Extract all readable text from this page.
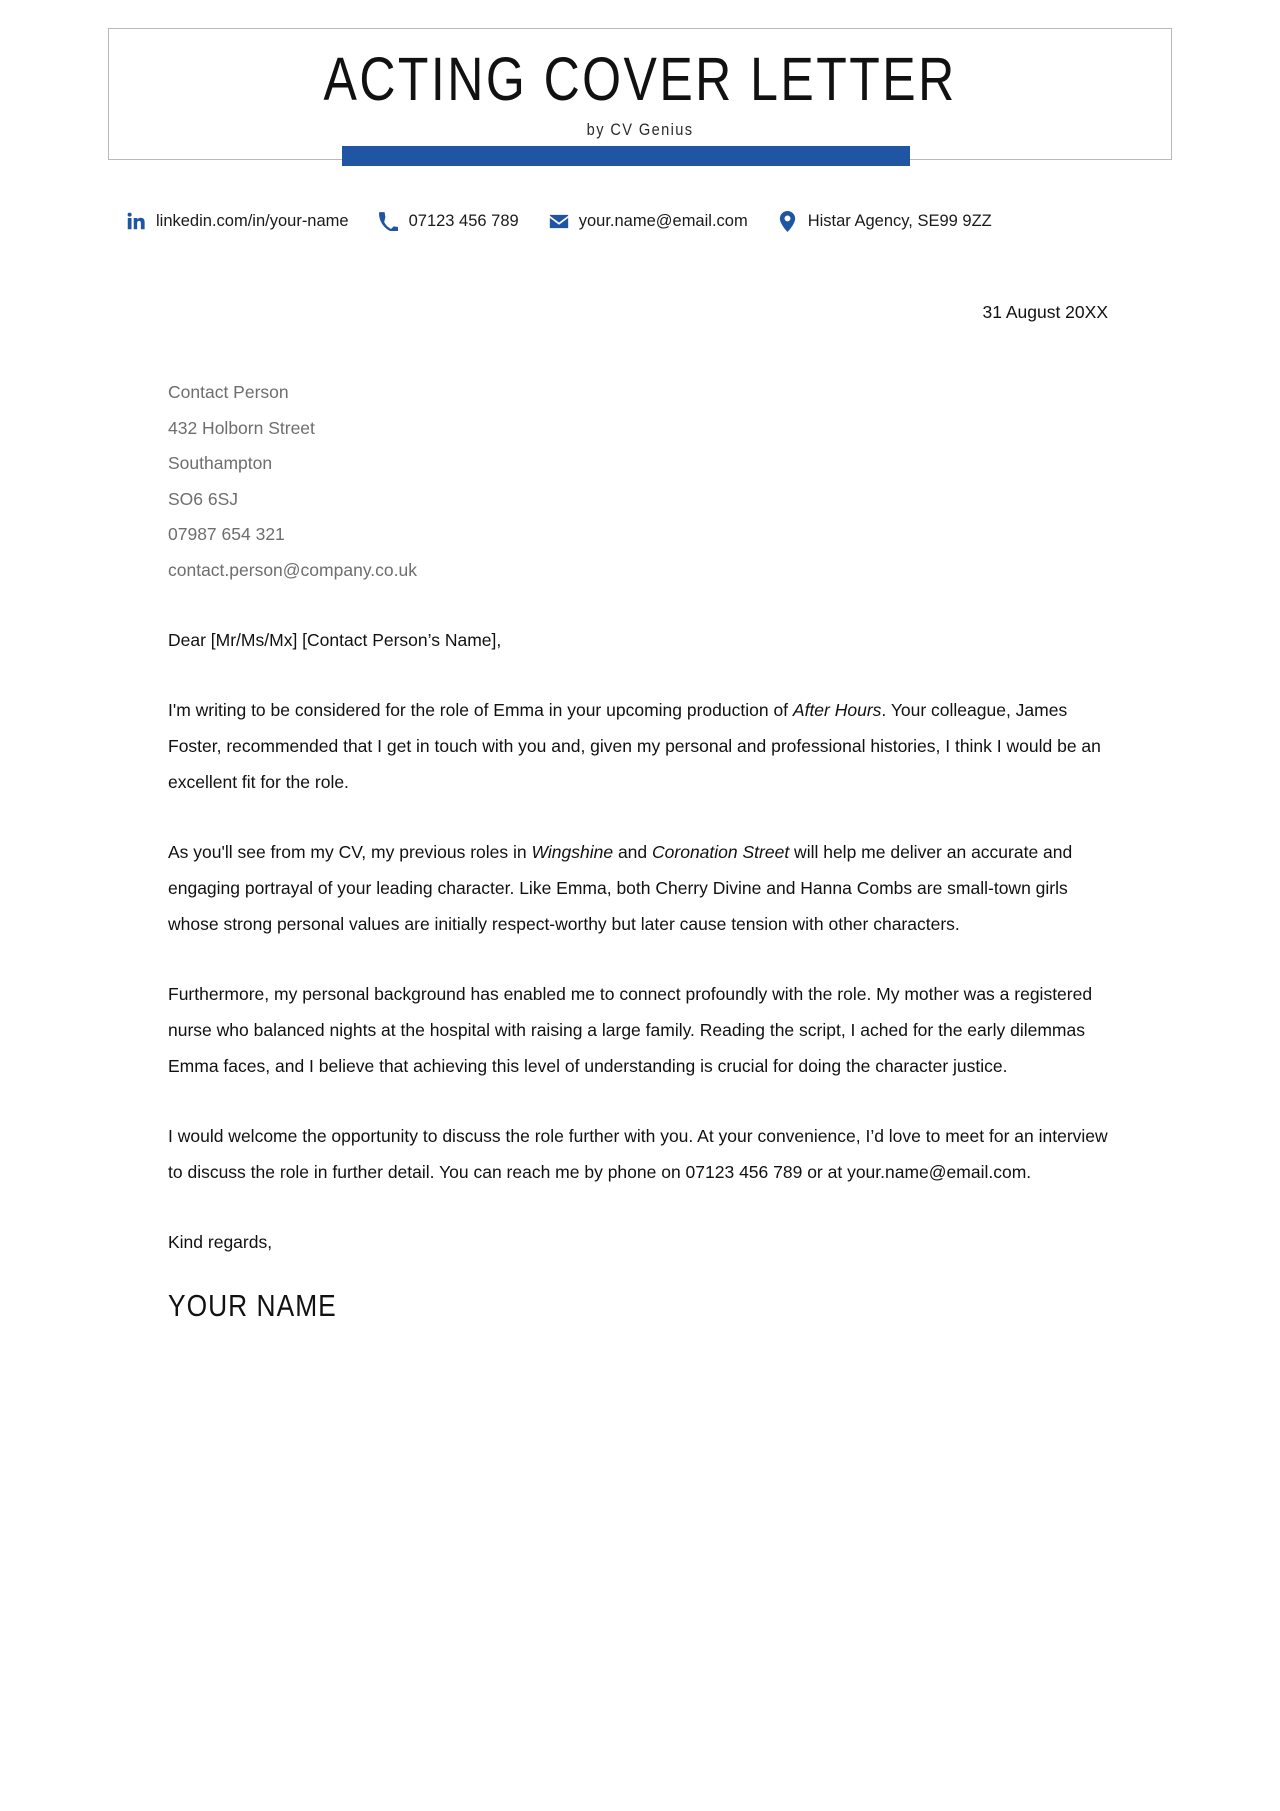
ACTING COVER LETTER
by CV Genius
linkedin.com/in/your-name	07123 456 789	your.name@email.com	Histar Agency, SE99 9ZZ
31 August 20XX
Contact Person
432 Holborn Street
Southampton
SO6 6SJ
07987 654 321
contact.person@company.co.uk
Dear [Mr/Ms/Mx] [Contact Person’s Name],

I'm writing to be considered for the role of Emma in your upcoming production of After Hours. Your colleague, James Foster, recommended that I get in touch with you and, given my personal and professional histories, I think I would be an excellent fit for the role.

As you'll see from my CV, my previous roles in Wingshine and Coronation Street will help me deliver an accurate and engaging portrayal of your leading character. Like Emma, both Cherry Divine and Hanna Combs are small-town girls whose strong personal values are initially respect-worthy but later cause tension with other characters.

Furthermore, my personal background has enabled me to connect profoundly with the role. My mother was a registered nurse who balanced nights at the hospital with raising a large family. Reading the script, I ached for the early dilemmas Emma faces, and I believe that achieving this level of understanding is crucial for doing the character justice.

I would welcome the opportunity to discuss the role further with you. At your convenience, I’d love to meet for an interview to discuss the role in further detail. You can reach me by phone on 07123 456 789 or at your.name@email.com.

Kind regards,
YOUR NAME
